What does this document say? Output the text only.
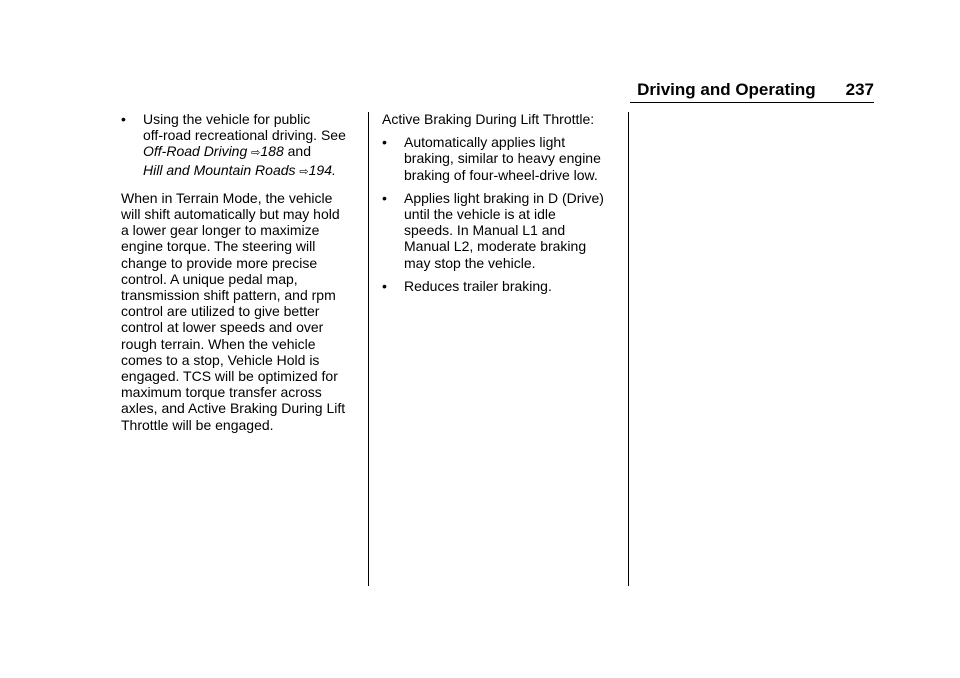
Driving and Operating 237
• Using the vehicle for public

off-road recreational driving. See

Off-Road Driving ⇨188 and

Hill and Mountain Roads ⇨194.

When in Terrain Mode, the vehicle

will shift automatically but may hold

a lower gear longer to maximize

engine torque. The steering will

change to provide more precise

control. A unique pedal map,

transmission shift pattern, and rpm

control are utilized to give better

control at lower speeds and over

rough terrain. When the vehicle

comes to a stop, Vehicle Hold is

engaged. TCS will be optimized for

maximum torque transfer across

axles, and Active Braking During Lift

Throttle will be engaged.

Active Braking During Lift Throttle:

• Automatically applies light

braking, similar to heavy engine

braking of four-wheel-drive low.

• Applies light braking in D (Drive)

until the vehicle is at idle

speeds. In Manual L1 and

Manual L2, moderate braking

may stop the vehicle.

• Reduces trailer braking.
